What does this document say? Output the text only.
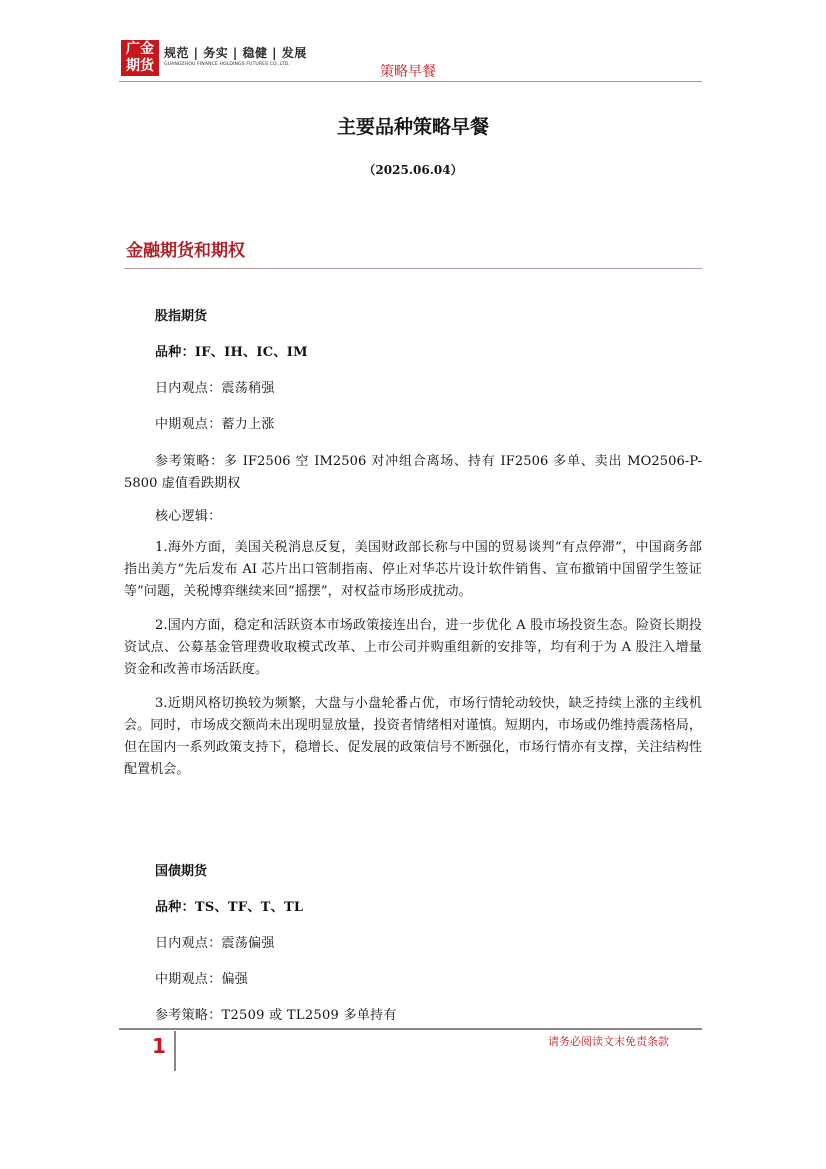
广金
期货
规范 | 务实 | 稳健 | 发展
GUANGZHOU FINANCE HOLDINGS FUTURES CO.,LTD.	策略早餐
主要品种策略早餐
（2025.06.04）
金融期货和期权
股指期货
品种：IF、IH、IC、IM
日内观点：震荡稍强
中期观点：蓄力上涨
参考策略：多 IF2506 空 IM2506 对冲组合离场、持有 IF2506 多单、卖出 MO2506-P-5800 虚值看跌期权
核心逻辑：
1.海外方面，美国关税消息反复，美国财政部长称与中国的贸易谈判“有点停滞”，中国商务部指出美方“先后发布 AI 芯片出口管制指南、停止对华芯片设计软件销售、宣布撤销中国留学生签证等”问题，关税博弈继续来回“摇摆”，对权益市场形成扰动。
2.国内方面，稳定和活跃资本市场政策接连出台，进一步优化 A 股市场投资生态。险资长期投资试点、公募基金管理费收取模式改革、上市公司并购重组新的安排等，均有利于为 A 股注入增量资金和改善市场活跃度。
3.近期风格切换较为频繁，大盘与小盘轮番占优，市场行情轮动较快，缺乏持续上涨的主线机会。同时，市场成交额尚未出现明显放量，投资者情绪相对谨慎。短期内，市场或仍维持震荡格局，但在国内一系列政策支持下，稳增长、促发展的政策信号不断强化，市场行情亦有支撑，关注结构性配置机会。
国债期货
品种：TS、TF、T、TL
日内观点：震荡偏强
中期观点：偏强
参考策略：T2509 或 TL2509 多单持有
1	请务必阅读文末免责条款
